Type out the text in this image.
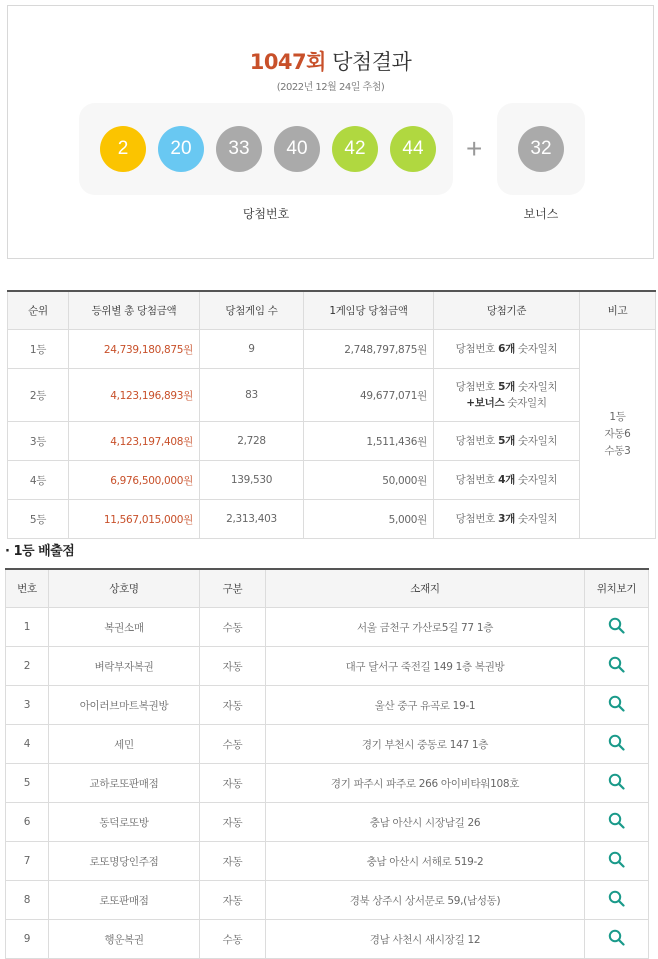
1047회 당첨결과
(2022년 12월 24일 추첨)
2	20	33	40	42	44	32
+
당첨번호	보너스
순위	등위별 총 당첨금액	당첨게임 수	1게임당 당첨금액	당첨기준	비고
1등	24,739,180,875원	9	2,748,797,875원	당첨번호 6개 숫자일치	1등
자동6
수동3

2등	4,123,196,893원	83	49,677,071원	당첨번호 5개 숫자일치
+보너스 숫자일치	
3등	4,123,197,408원	2,728	1,511,436원	당첨번호 5개 숫자일치	
4등	6,976,500,000원	139,530	50,000원	당첨번호 4개 숫자일치	
5등	11,567,015,000원	2,313,403	5,000원	당첨번호 3개 숫자일치	
· 1등 배출점
번호	상호명	구분	소재지	위치보기
1	복권소매	수동	서울 금천구 가산로5길 77 1층	
2	벼락부자복권	자동	대구 달서구 죽전길 149 1층 복권방	
3	아이러브마트복권방	자동	울산 중구 유곡로 19-1	
4	세민	수동	경기 부천시 중동로 147 1층	
5	교하로또판매점	자동	경기 파주시 파주로 266 아이비타워108호	
6	동덕로또방	자동	충남 아산시 시장남길 26	
7	로또명당인주점	자동	충남 아산시 서해로 519-2	
8	로또판매점	자동	경북 상주시 상서문로 59,(남성동)	
9	행운복권	수동	경남 사천시 새시장길 12	
